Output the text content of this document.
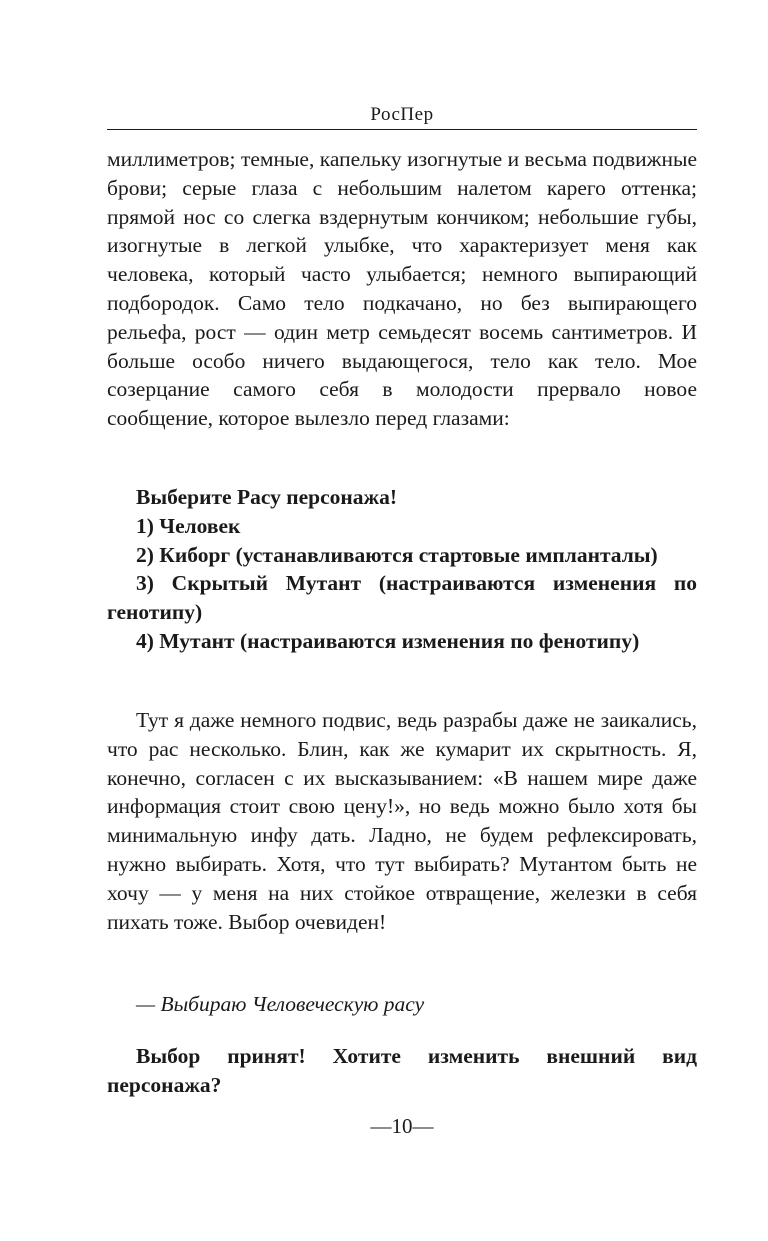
РосПер

миллиметров; темные, капельку изогнутые и весьма подвижные брови; серые глаза с небольшим налетом карего оттенка; прямой нос со слегка вздернутым кончиком; небольшие губы, изогнутые в легкой улыбке, что характеризует меня как человека, который часто улыбается; немного выпирающий подбородок. Само тело подкачано, но без выпирающего рельефа, рост — один метр семьдесят восемь сантиметров. И больше особо ничего выдающегося, тело как тело. Мое созерцание самого себя в молодости прервало новое сообщение, которое вылезло перед глазами:

Выберите Расу персонажа!
1) Человек
2) Киборг (устанавливаются стартовые импланталы)
3) Скрытый Мутант (настраиваются изменения по генотипу)
4) Мутант (настраиваются изменения по фенотипу)

Тут я даже немного подвис, ведь разрабы даже не заикались, что рас несколько. Блин, как же кумарит их скрытность. Я, конечно, согласен с их высказыванием: «В нашем мире даже информация стоит свою цену!», но ведь можно было хотя бы минимальную инфу дать. Ладно, не будем рефлексировать, нужно выбирать. Хотя, что тут выбирать? Мутантом быть не хочу — у меня на них стойкое отвращение, железки в себя пихать тоже. Выбор очевиден!

— Выбираю Человеческую расу

Выбор принят! Хотите изменить внешний вид персонажа?

—10—
